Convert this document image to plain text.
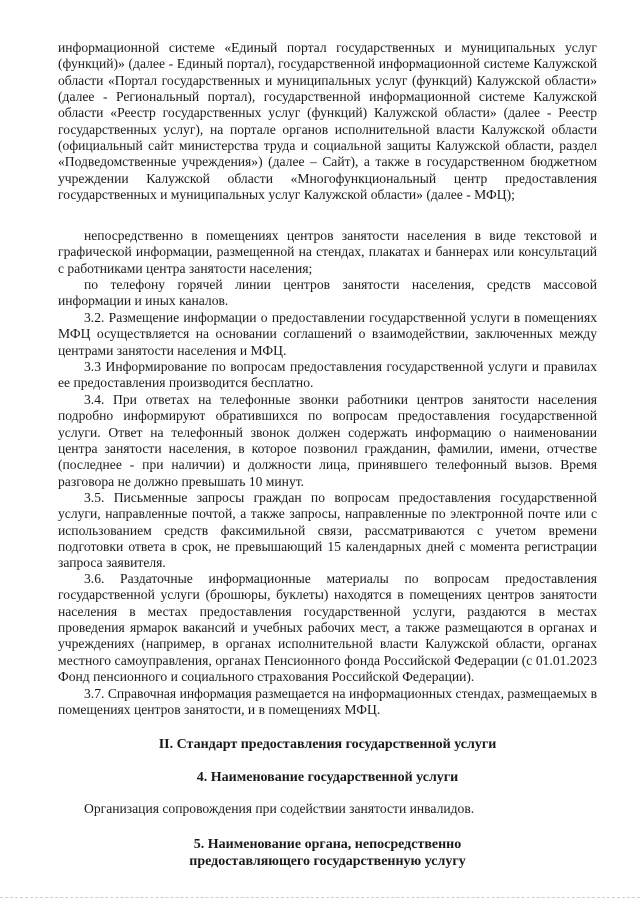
информационной системе «Единый портал государственных и муниципальных услуг (функций)» (далее - Единый портал), государственной информационной системе Калужской области «Портал государственных и муниципальных услуг (функций) Калужской области» (далее - Региональный портал), государственной информационной системе Калужской области «Реестр государственных услуг (функций) Калужской области» (далее - Реестр государственных услуг), на портале органов исполнительной власти Калужской области (официальный сайт министерства труда и социальной защиты Калужской области, раздел «Подведомственные учреждения») (далее – Сайт), а также в государственном бюджетном учреждении Калужской области «Многофункциональный центр предоставления государственных и муниципальных услуг Калужской области» (далее - МФЦ);

непосредственно в помещениях центров занятости населения в виде текстовой и графической информации, размещенной на стендах, плакатах и баннерах или консультаций с работниками центра занятости населения;

по телефону горячей линии центров занятости населения, средств массовой информации и иных каналов.

3.2. Размещение информации о предоставлении государственной услуги в помещениях МФЦ осуществляется на основании соглашений о взаимодействии, заключенных между центрами занятости населения и МФЦ.

3.3 Информирование по вопросам предоставления государственной услуги и правилах ее предоставления производится бесплатно.

3.4. При ответах на телефонные звонки работники центров занятости населения подробно информируют обратившихся по вопросам предоставления государственной услуги. Ответ на телефонный звонок должен содержать информацию о наименовании центра занятости населения, в которое позвонил гражданин, фамилии, имени, отчестве (последнее - при наличии) и должности лица, принявшего телефонный вызов. Время разговора не должно превышать 10 минут.

3.5. Письменные запросы граждан по вопросам предоставления государственной услуги, направленные почтой, а также запросы, направленные по электронной почте или с использованием средств факсимильной связи, рассматриваются с учетом времени подготовки ответа в срок, не превышающий 15 календарных дней с момента регистрации запроса заявителя.

3.6. Раздаточные информационные материалы по вопросам предоставления государственной услуги (брошюры, буклеты) находятся в помещениях центров занятости населения в местах предоставления государственной услуги, раздаются в местах проведения ярмарок вакансий и учебных рабочих мест, а также размещаются в органах и учреждениях (например, в органах исполнительной власти Калужской области, органах местного самоуправления, органах Пенсионного фонда Российской Федерации (с 01.01.2023 Фонд пенсионного и социального страхования Российской Федерации).

3.7. Справочная информация размещается на информационных стендах, размещаемых в помещениях центров занятости, и в помещениях МФЦ.

II. Стандарт предоставления государственной услуги

4. Наименование государственной услуги

Организация сопровождения при содействии занятости инвалидов.

5. Наименование органа, непосредственно

предоставляющего государственную услугу
